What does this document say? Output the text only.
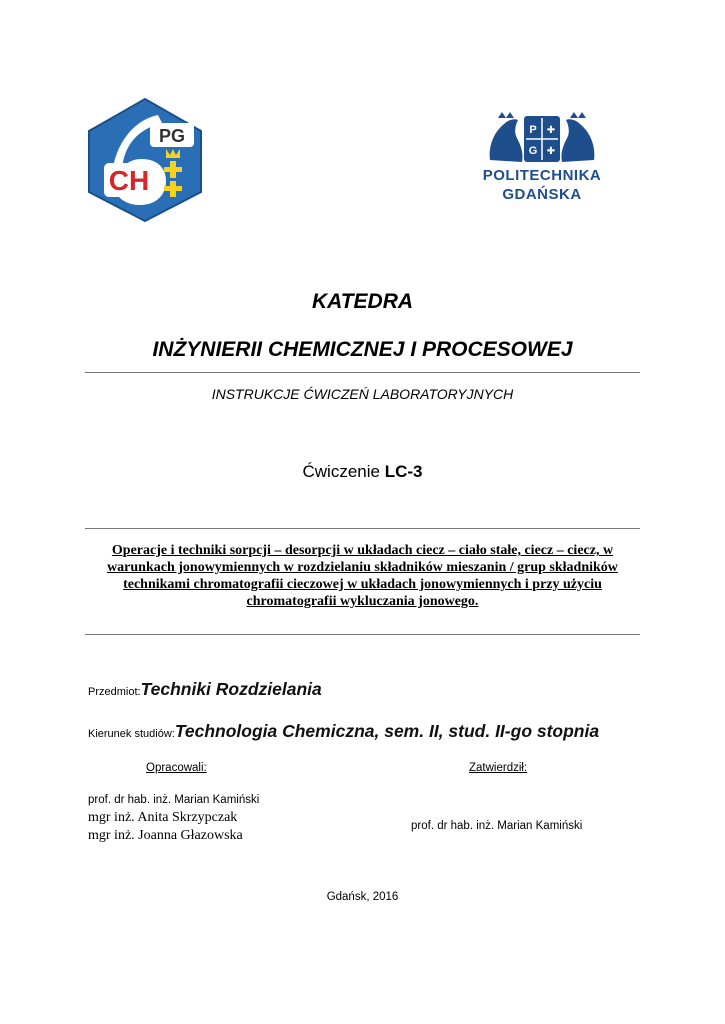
PG
CH
P
G
✚
✚
POLITECHNIKA
GDAŃSKA
KATEDRA
INŻYNIERII CHEMICZNEJ I PROCESOWEJ
INSTRUKCJE ĆWICZEŃ LABORATORYJNYCH
Ćwiczenie LC-3
Operacje i techniki sorpcji – desorpcji w układach ciecz – ciało stałe, ciecz – ciecz, w warunkach jonowymiennych w rozdzielaniu składników mieszanin / grup składników technikami chromatografii cieczowej w układach jonowymiennych i przy użyciu chromatografii wykluczania jonowego.
Przedmiot:Techniki Rozdzielania
Kierunek studiów:Technologia Chemiczna, sem. II, stud. II-go stopnia
Opracowali:	Zatwierdził:
prof. dr hab. inż. Marian Kamiński
mgr inż. Anita Skrzypczak
mgr inż. Joanna Głazowska
prof. dr hab. inż. Marian Kamiński
Gdańsk, 2016
